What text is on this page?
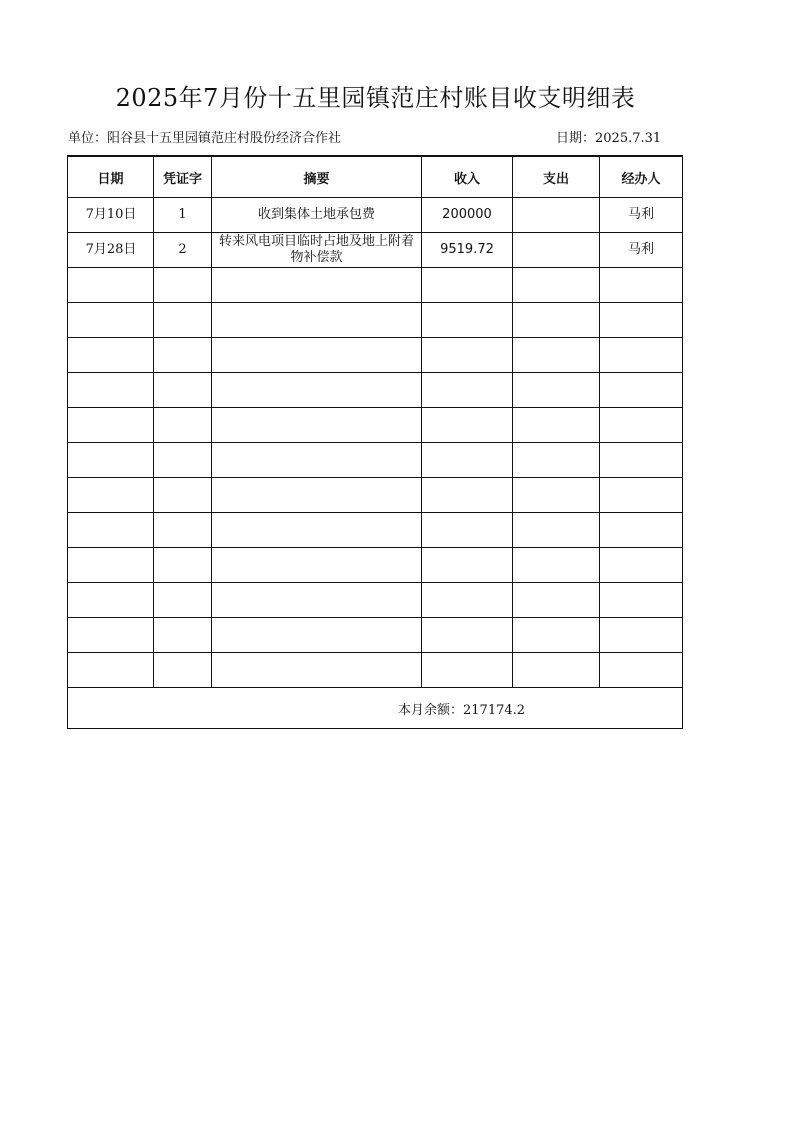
2025年7月份十五里园镇范庄村账目收支明细表
单位：阳谷县十五里园镇范庄村股份经济合作社	日期：2025.7.31
日期	凭证字	摘要	收入	支出	经办人
7月10日	1	收到集体土地承包费	200000		马利
7月28日	2	转来风电项目临时占地及地上附着物补偿款	9519.72		马利

本月余额：217174.2					
